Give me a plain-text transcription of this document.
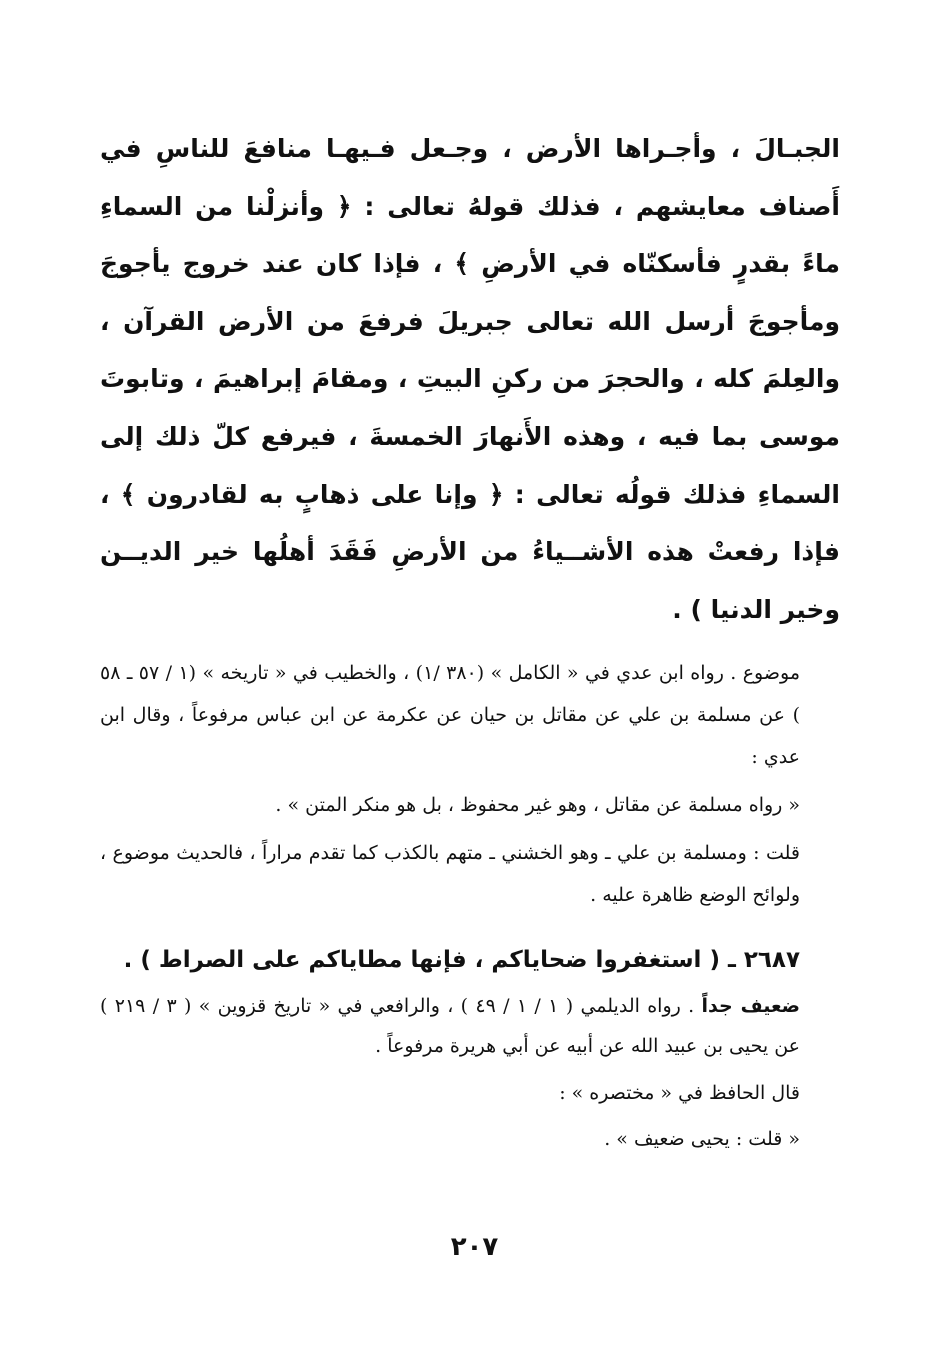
الجبـالَ ، وأجـراها الأرض ، وجـعل فـيهـا منافعَ للناسِ في أَصناف معايشهم ، فذلك قولهُ تعالى : ﴿ وأنزلْنا من السماءِ ماءً بقدرٍ فأسكنّاه في الأرضِ ﴾ ، فإذا كان عند خروج يأجوجَ ومأجوجَ أرسل الله تعالى جبريلَ فرفعَ من الأرض القرآن ، والعِلمَ كله ، والحجرَ من ركنِ البيتِ ، ومقامَ إبراهيمَ ، وتابوتَ موسى بما فيه ، وهذه الأَنهارَ الخمسةَ ، فيرفع كلّ ذلك إلى السماءِ فذلك قولُه تعالى : ﴿ وإنا على ذهابٍ به لقادرون ﴾ ، فإذا رفعتْ هذه الأشــياءُ من الأرضِ فَقَدَ أهلُها خير الديــن وخير الدنيا ) .

موضوع . رواه ابن عدي في « الكامل » (٣٨٠ /١) ، والخطيب في « تاريخه » (١ / ٥٧ ـ ٥٨ ) عن مسلمة بن علي عن مقاتل بن حيان عن عكرمة عن ابن عباس مرفوعاً ، وقال ابن عدي :

« رواه مسلمة عن مقاتل ، وهو غير محفوظ ، بل هو منكر المتن » .

قلت : ومسلمة بن علي ـ وهو الخشني ـ متهم بالكذب كما تقدم مراراً ، فالحديث موضوع ، ولوائح الوضع ظاهرة عليه .

٢٦٨٧ ـ ( استغفروا ضحاياكم ، فإنها مطاياكم على الصراط ) .

ضعيف جداً . رواه الديلمي ( ١ / ١ / ٤٩ ) ، والرافعي في « تاريخ قزوين » ( ٣ / ٢١٩ ) عن يحيى بن عبيد الله عن أبيه عن أبي هريرة مرفوعاً .

قال الحافظ في « مختصره » :

« قلت : يحيى ضعيف » .

٢٠٧
